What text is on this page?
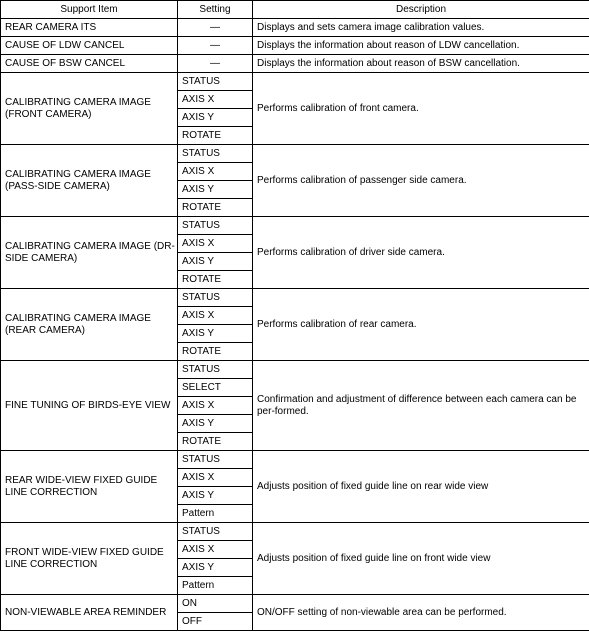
Support Item	Setting	Description
REAR CAMERA ITS	—	Displays and sets camera image calibration values.
CAUSE OF LDW CANCEL	—	Displays the information about reason of LDW cancellation.
CAUSE OF BSW CANCEL	—	Displays the information about reason of BSW cancellation.
CALIBRATING CAMERA IMAGE (FRONT CAMERA)	STATUS	Performs calibration of front camera.
	AXIS X	
	AXIS Y	
	ROTATE	
CALIBRATING CAMERA IMAGE (PASS-SIDE CAMERA)	STATUS	Performs calibration of passenger side camera.
	AXIS X	
	AXIS Y	
	ROTATE	
CALIBRATING CAMERA IMAGE (DR-SIDE CAMERA)	STATUS	Performs calibration of driver side camera.
	AXIS X	
	AXIS Y	
	ROTATE	
CALIBRATING CAMERA IMAGE (REAR CAMERA)	STATUS	Performs calibration of rear camera.
	AXIS X	
	AXIS Y	
	ROTATE	
FINE TUNING OF BIRDS-EYE VIEW	STATUS	Confirmation and adjustment of difference between each camera can be per-formed.
	SELECT	
	AXIS X	
	AXIS Y	
	ROTATE	
REAR WIDE-VIEW FIXED GUIDE LINE CORRECTION	STATUS	Adjusts position of fixed guide line on rear wide view
	AXIS X	
	AXIS Y	
	Pattern	
FRONT WIDE-VIEW FIXED GUIDE LINE CORRECTION	STATUS	Adjusts position of fixed guide line on front wide view
	AXIS X	
	AXIS Y	
	Pattern	
NON-VIEWABLE AREA REMINDER	ON	ON/OFF setting of non-viewable area can be performed.
	OFF	
